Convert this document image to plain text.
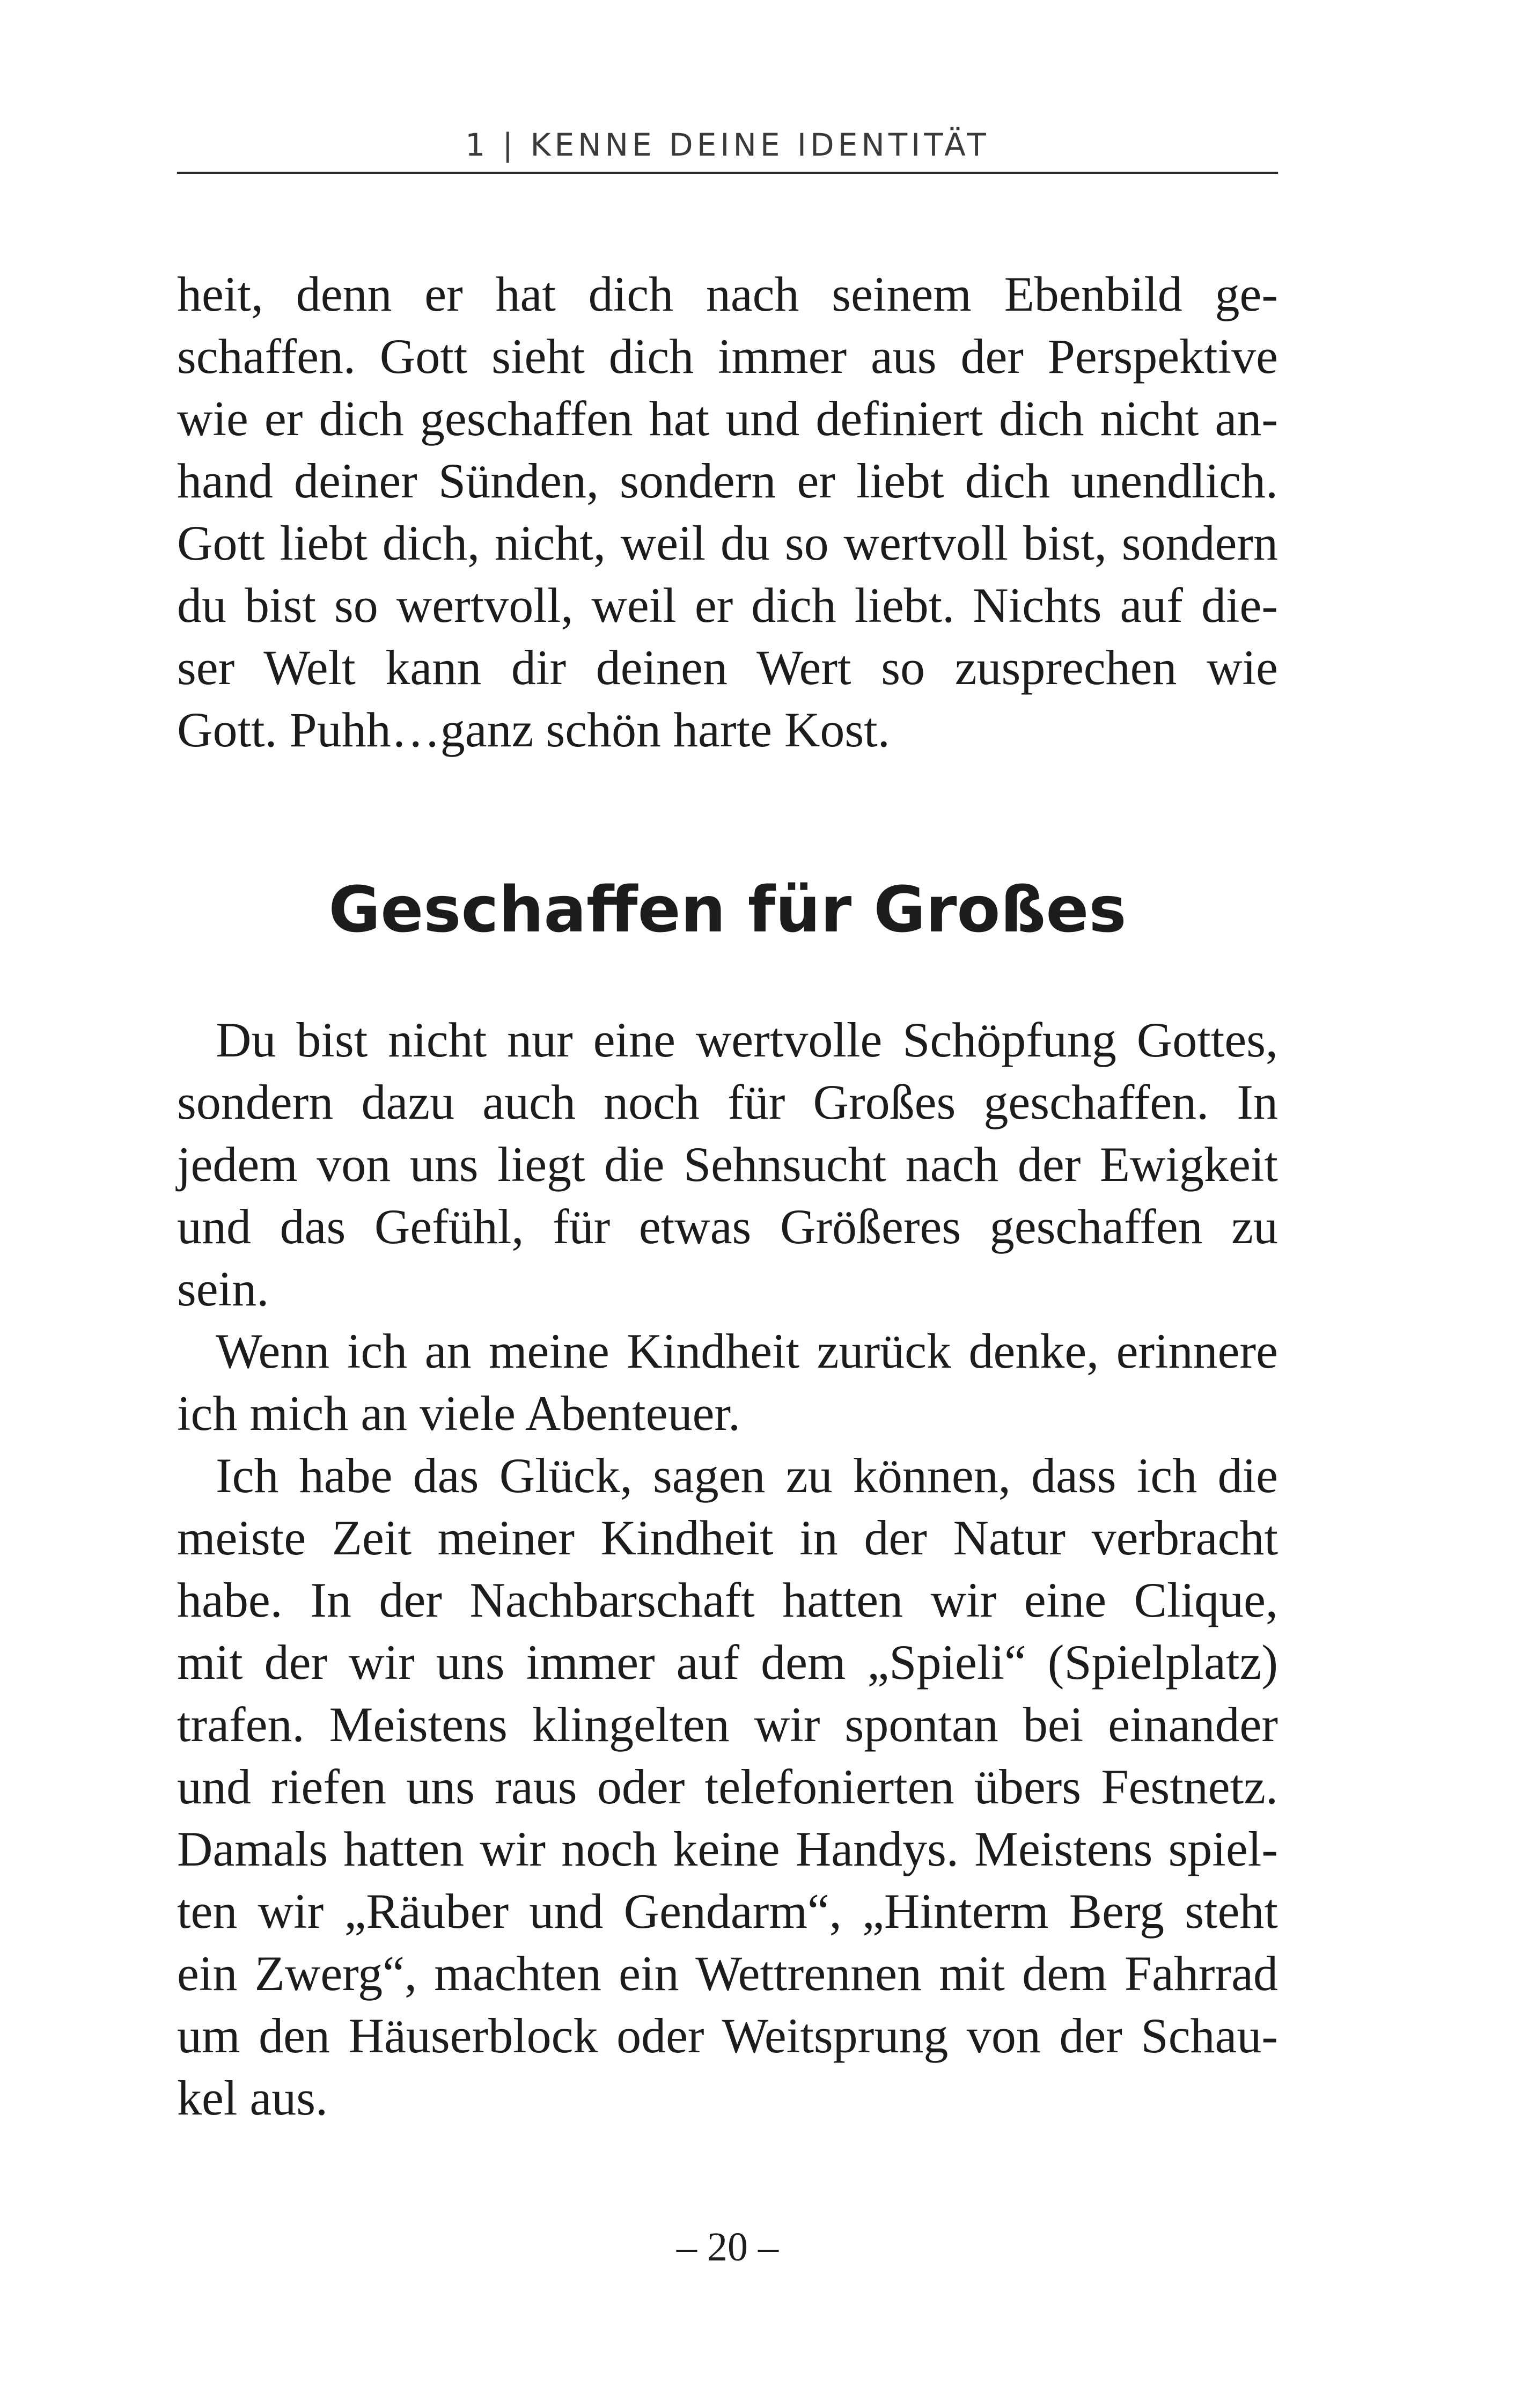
1 | KENNE DEINE IDENTITÄT
heit, denn er hat dich nach seinem Ebenbild ge-
schaffen. Gott sieht dich immer aus der Perspektive
wie er dich geschaffen hat und definiert dich nicht an-
hand deiner Sünden, sondern er liebt dich unendlich.
Gott liebt dich, nicht, weil du so wertvoll bist, sondern
du bist so wertvoll, weil er dich liebt. Nichts auf die-
ser Welt kann dir deinen Wert so zusprechen wie
Gott. Puhh…ganz schön harte Kost.
Geschaffen für Großes
Du bist nicht nur eine wertvolle Schöpfung Gottes,
sondern dazu auch noch für Großes geschaffen. In
jedem von uns liegt die Sehnsucht nach der Ewigkeit
und das Gefühl, für etwas Größeres geschaffen zu
sein.
Wenn ich an meine Kindheit zurück denke, erinnere
ich mich an viele Abenteuer.
Ich habe das Glück, sagen zu können, dass ich die
meiste Zeit meiner Kindheit in der Natur verbracht
habe. In der Nachbarschaft hatten wir eine Clique,
mit der wir uns immer auf dem „Spieli“ (Spielplatz)
trafen. Meistens klingelten wir spontan bei einander
und riefen uns raus oder telefonierten übers Festnetz.
Damals hatten wir noch keine Handys. Meistens spiel-
ten wir „Räuber und Gendarm“, „Hinterm Berg steht
ein Zwerg“, machten ein Wettrennen mit dem Fahrrad
um den Häuserblock oder Weitsprung von der Schau-
kel aus.
– 20 –
